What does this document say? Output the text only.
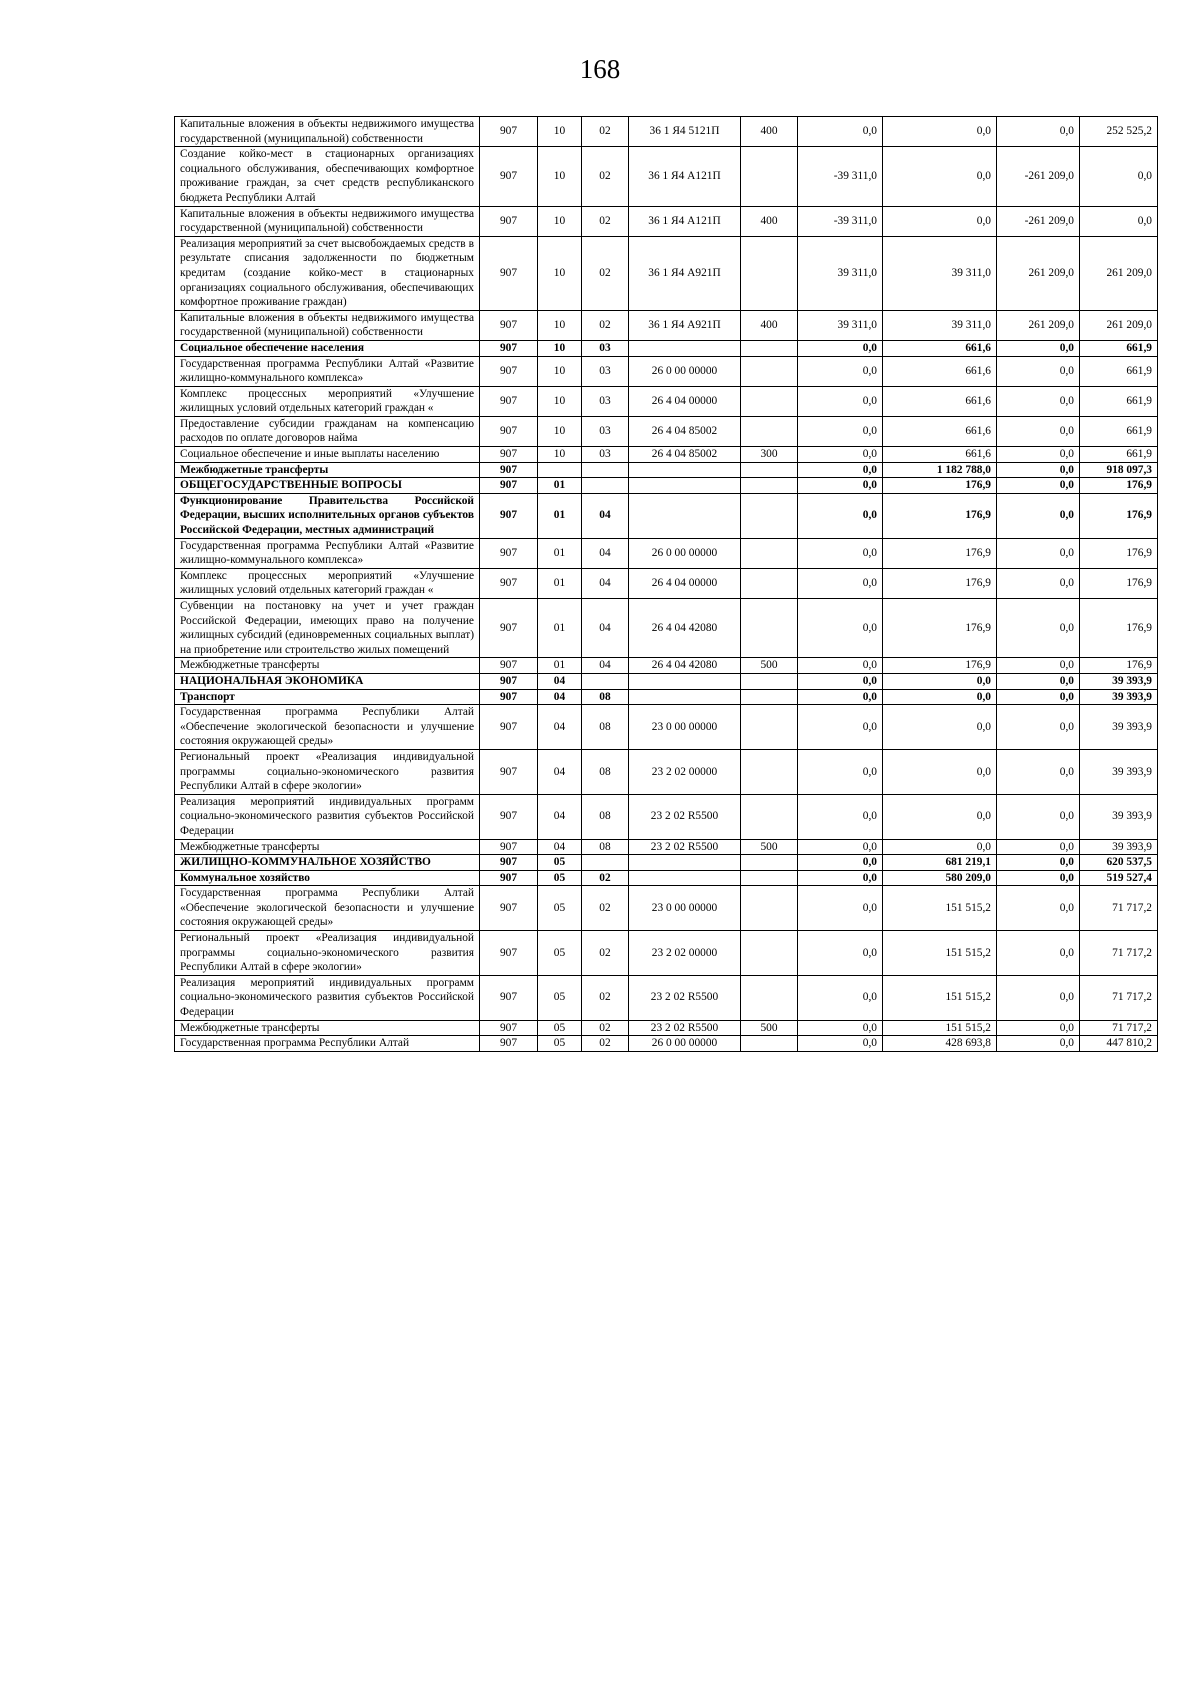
168
Капитальные вложения в объекты недвижимого имущества государственной (муниципальной) собственности	907	10	02	36 1 Я4 5121П	400	0,0	0,0	0,0	252 525,2
Создание койко-мест в стационарных организациях социального обслуживания, обеспечивающих комфортное проживание граждан, за счет средств республиканского бюджета Республики Алтай	907	10	02	36 1 Я4 А121П		-39 311,0	0,0	-261 209,0	0,0
Капитальные вложения в объекты недвижимого имущества государственной (муниципальной) собственности	907	10	02	36 1 Я4 А121П	400	-39 311,0	0,0	-261 209,0	0,0
Реализация мероприятий за счет высвобождаемых средств в результате списания задолженности по бюджетным кредитам (создание койко-мест в стационарных организациях социального обслуживания, обеспечивающих комфортное проживание граждан)	907	10	02	36 1 Я4 А921П		39 311,0	39 311,0	261 209,0	261 209,0
Капитальные вложения в объекты недвижимого имущества государственной (муниципальной) собственности	907	10	02	36 1 Я4 А921П	400	39 311,0	39 311,0	261 209,0	261 209,0
Социальное обеспечение населения	907	10	03			0,0	661,6	0,0	661,9
Государственная программа Республики Алтай «Развитие жилищно-коммунального комплекса»	907	10	03	26 0 00 00000		0,0	661,6	0,0	661,9
Комплекс процессных мероприятий «Улучшение жилищных условий отдельных категорий граждан «	907	10	03	26 4 04 00000		0,0	661,6	0,0	661,9
Предоставление субсидии гражданам на компенсацию расходов по оплате договоров найма	907	10	03	26 4 04 85002		0,0	661,6	0,0	661,9
Социальное обеспечение и иные выплаты населению	907	10	03	26 4 04 85002	300	0,0	661,6	0,0	661,9
Межбюджетные трансферты	907					0,0	1 182 788,0	0,0	918 097,3
ОБЩЕГОСУДАРСТВЕННЫЕ ВОПРОСЫ	907	01				0,0	176,9	0,0	176,9
Функционирование Правительства Российской Федерации, высших исполнительных органов субъектов Российской Федерации, местных администраций	907	01	04			0,0	176,9	0,0	176,9
Государственная программа Республики Алтай «Развитие жилищно-коммунального комплекса»	907	01	04	26 0 00 00000		0,0	176,9	0,0	176,9
Комплекс процессных мероприятий «Улучшение жилищных условий отдельных категорий граждан «	907	01	04	26 4 04 00000		0,0	176,9	0,0	176,9
Субвенции на постановку на учет и учет граждан Российской Федерации, имеющих право на получение жилищных субсидий (единовременных социальных выплат) на приобретение или строительство жилых помещений	907	01	04	26 4 04 42080		0,0	176,9	0,0	176,9
Межбюджетные трансферты	907	01	04	26 4 04 42080	500	0,0	176,9	0,0	176,9
НАЦИОНАЛЬНАЯ ЭКОНОМИКА	907	04				0,0	0,0	0,0	39 393,9
Транспорт	907	04	08			0,0	0,0	0,0	39 393,9
Государственная программа Республики Алтай «Обеспечение экологической безопасности и улучшение состояния окружающей среды»	907	04	08	23 0 00 00000		0,0	0,0	0,0	39 393,9
Региональный проект «Реализация индивидуальной программы социально-экономического развития Республики Алтай в сфере экологии»	907	04	08	23 2 02 00000		0,0	0,0	0,0	39 393,9
Реализация мероприятий индивидуальных программ социально-экономического развития субъектов Российской Федерации	907	04	08	23 2 02 R5500		0,0	0,0	0,0	39 393,9
Межбюджетные трансферты	907	04	08	23 2 02 R5500	500	0,0	0,0	0,0	39 393,9
ЖИЛИЩНО-КОММУНАЛЬНОЕ ХОЗЯЙСТВО	907	05				0,0	681 219,1	0,0	620 537,5
Коммунальное хозяйство	907	05	02			0,0	580 209,0	0,0	519 527,4
Государственная программа Республики Алтай «Обеспечение экологической безопасности и улучшение состояния окружающей среды»	907	05	02	23 0 00 00000		0,0	151 515,2	0,0	71 717,2
Региональный проект «Реализация индивидуальной программы социально-экономического развития Республики Алтай в сфере экологии»	907	05	02	23 2 02 00000		0,0	151 515,2	0,0	71 717,2
Реализация мероприятий индивидуальных программ социально-экономического развития субъектов Российской Федерации	907	05	02	23 2 02 R5500		0,0	151 515,2	0,0	71 717,2
Межбюджетные трансферты	907	05	02	23 2 02 R5500	500	0,0	151 515,2	0,0	71 717,2
Государственная программа Республики Алтай	907	05	02	26 0 00 00000		0,0	428 693,8	0,0	447 810,2
